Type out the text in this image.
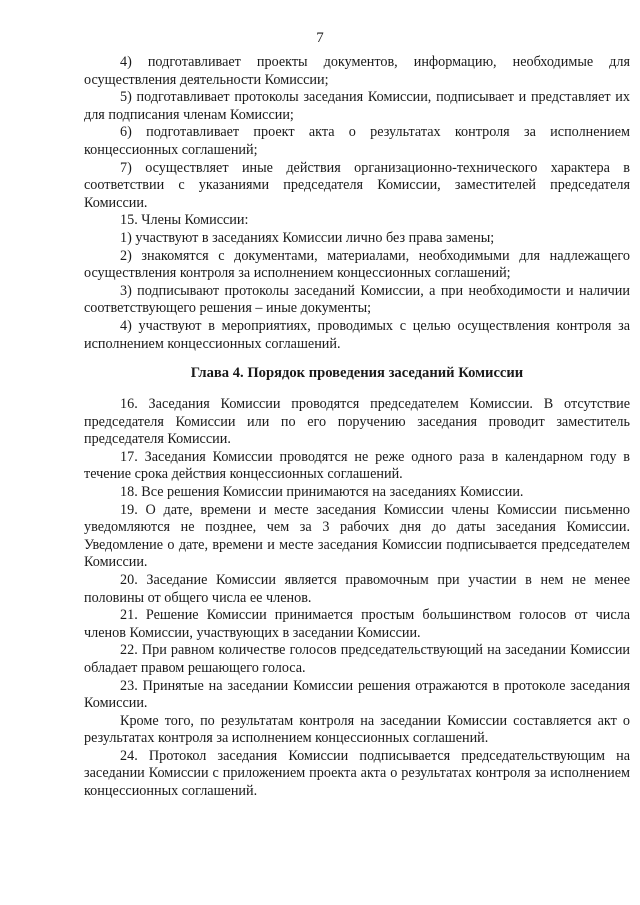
7

4) подготавливает проекты документов, информацию, необходимые для осуществления деятельности Комиссии;

5) подготавливает протоколы заседания Комиссии, подписывает и представляет их для подписания членам Комиссии;

6) подготавливает проект акта о результатах контроля за исполнением концессионных соглашений;

7) осуществляет иные действия организационно-технического характера в соответствии с указаниями председателя Комиссии, заместителей председателя Комиссии.

15. Члены Комиссии:

1) участвуют в заседаниях Комиссии лично без права замены;

2) знакомятся с документами, материалами, необходимыми для надлежащего осуществления контроля за исполнением концессионных соглашений;

3) подписывают протоколы заседаний Комиссии, а при необходимости и наличии соответствующего решения – иные документы;

4) участвуют в мероприятиях, проводимых с целью осуществления контроля за исполнением концессионных соглашений.

Глава 4. Порядок проведения заседаний Комиссии

16. Заседания Комиссии проводятся председателем Комиссии. В отсутствие председателя Комиссии или по его поручению заседания проводит заместитель председателя Комиссии.

17. Заседания Комиссии проводятся не реже одного раза в календарном году в течение срока действия концессионных соглашений.

18. Все решения Комиссии принимаются на заседаниях Комиссии.

19. О дате, времени и месте заседания Комиссии члены Комиссии письменно уведомляются не позднее, чем за 3 рабочих дня до даты заседания Комиссии. Уведомление о дате, времени и месте заседания Комиссии подписывается председателем Комиссии.

20. Заседание Комиссии является правомочным при участии в нем не менее половины от общего числа ее членов.

21. Решение Комиссии принимается простым большинством голосов от числа членов Комиссии, участвующих в заседании Комиссии.

22. При равном количестве голосов председательствующий на заседании Комиссии обладает правом решающего голоса.

23. Принятые на заседании Комиссии решения отражаются в протоколе заседания Комиссии.

Кроме того, по результатам контроля на заседании Комиссии составляется акт о результатах контроля за исполнением концессионных соглашений.

24. Протокол заседания Комиссии подписывается председательствующим на заседании Комиссии с приложением проекта акта о результатах контроля за исполнением концессионных соглашений.
